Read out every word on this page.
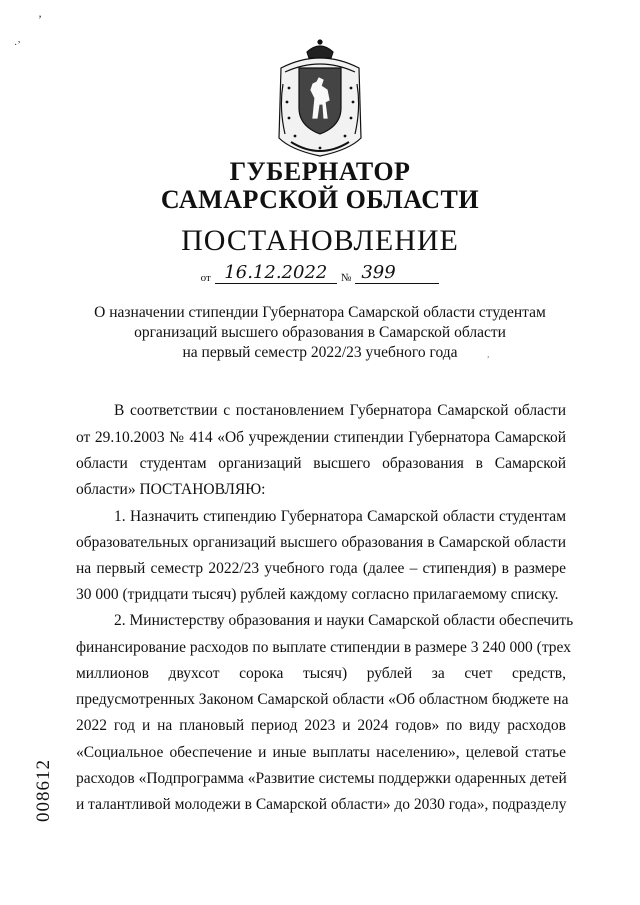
’
·’
ГУБЕРНАТОР
САМАРСКОЙ ОБЛАСТИ
ПОСТАНОВЛЕНИЕ
от 16.12.2022	№ 399
О назначении стипендии Губернатора Самарской области студентам
организаций высшего образования в Самарской области
на первый семестр 2022/23 учебного года	,
В соответствии с постановлением Губернатора Самарской области
от 29.10.2003 № 414 «Об учреждении стипендии Губернатора Самарской
области студентам организаций высшего образования в Самарской
области» ПОСТАНОВЛЯЮ:
1. Назначить стипендию Губернатора Самарской области студентам
образовательных организаций высшего образования в Самарской области
на первый семестр 2022/23 учебного года (далее – стипендия) в размере
30 000 (тридцати тысяч) рублей каждому согласно прилагаемому списку.
2. Министерству образования и науки Самарской области обеспечить
финансирование расходов по выплате стипендии в размере 3 240 000 (трех
миллионов двухсот сорока тысяч) рублей за счет средств,
предусмотренных Законом Самарской области «Об областном бюджете на
2022 год и на плановый период 2023 и 2024 годов» по виду расходов
«Социальное обеспечение и иные выплаты населению», целевой статье
расходов «Подпрограмма «Развитие системы поддержки одаренных детей
и талантливой молодежи в Самарской области» до 2030 года», подразделу
008612
